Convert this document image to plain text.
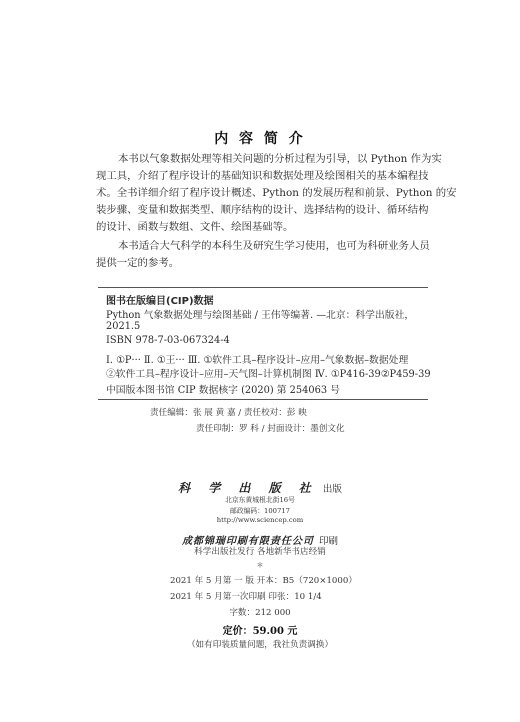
内 容 简 介
本书以气象数据处理等相关问题的分析过程为引导，以 Python 作为实
现工具，介绍了程序设计的基础知识和数据处理及绘图相关的基本编程技
术。全书详细介绍了程序设计概述、Python 的发展历程和前景、Python 的安
装步骤、变量和数据类型、顺序结构的设计、选择结构的设计、循环结构
的设计、函数与数组、文件、绘图基础等。
本书适合大气科学的本科生及研究生学习使用，也可为科研业务人员
提供一定的参考。
图书在版编目(CIP)数据
Python 气象数据处理与绘图基础 / 王伟等编著. —北京：科学出版社，
2021.5
ISBN 978-7-03-067324-4
Ⅰ. ①P··· Ⅱ. ①王··· Ⅲ. ①软件工具–程序设计–应用–气象数据–数据处理
②软件工具–程序设计–应用–天气图–计算机制图 Ⅳ. ①P416-39②P459-39
中国版本图书馆 CIP 数据核字 (2020) 第 254063 号
责任编辑：张 展 黄 嘉 / 责任校对：彭 映
责任印制：罗 科 / 封面设计：墨创文化
科 学 出 版 社 出版
北京东黄城根北街16号
邮政编码：100717
http://www.sciencep.com
成都锦瑞印刷有限责任公司 印刷
科学出版社发行 各地新华书店经销
＊
2021 年 5 月第 一 版 开本：B5（720×1000）
2021 年 5 月第一次印刷 印张：10 1/4
字数：212 000
定价：59.00 元
（如有印装质量问题，我社负责调换）
